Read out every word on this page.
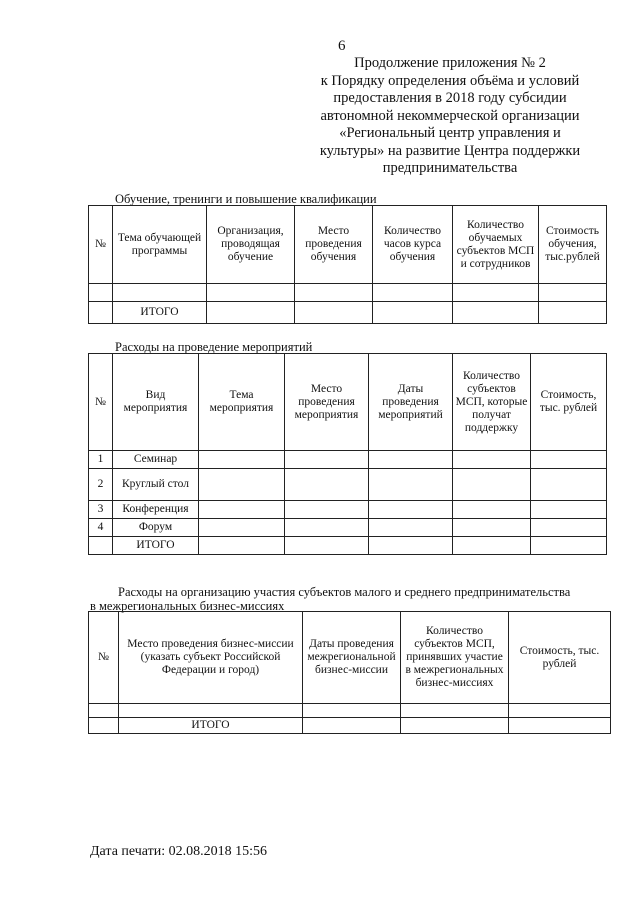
6
Продолжение приложения № 2
к Порядку определения объёма и условий
предоставления в 2018 году субсидии
автономной некоммерческой организации
«Региональный центр управления и
культуры» на развитие Центра поддержки
предпринимательства
Обучение, тренинги и повышение квалификации
№	Тема обучающей программы	Организация, проводящая обучение	Место проведения обучения	Количество часов курса обучения	Количество обучаемых субъектов МСП и сотрудников	Стоимость обучения, тыс.рублей

	ИТОГО					
Расходы на проведение мероприятий
№	Вид мероприятия	Тема мероприятия	Место проведения мероприятия	Даты проведения мероприятий	Количество субъектов МСП, которые получат поддержку	Стоимость, тыс. рублей
1	Семинар					
2	Круглый стол					
3	Конференция					
4	Форум					
	ИТОГО					
Расходы на организацию участия субъектов малого и среднего предпринимательства
в межрегиональных бизнес-миссиях
№	Место проведения бизнес-миссии (указать субъект Российской Федерации и город)	Даты проведения межрегиональной бизнес-миссии	Количество субъектов МСП, принявших участие в межрегиональных бизнес-миссиях	Стоимость, тыс. рублей

	ИТОГО			
Дата печати: 02.08.2018 15:56
